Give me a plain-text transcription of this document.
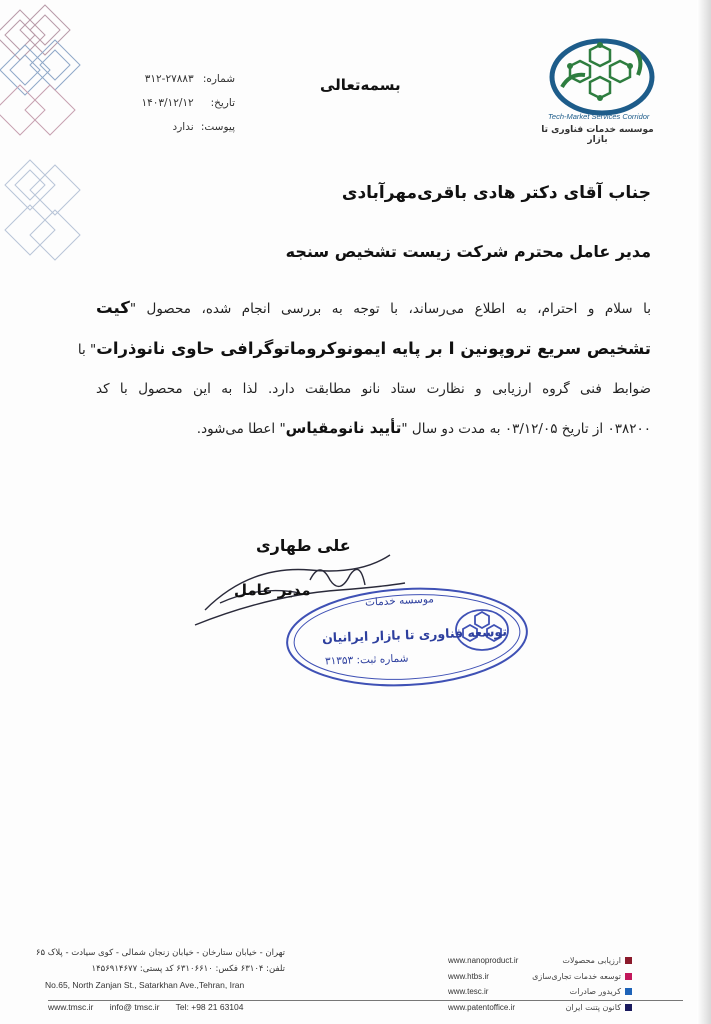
Tech-Market Services Corridor
موسسه خدمات فناوری تا بازار
بسمه‌تعالی
شماره: ۳۱۲-۲۷۸۸۳
تاریخ: ۱۴۰۳/۱۲/۱۲
پیوست: ندارد
جناب آقای دکتر هادی باقری‌مهرآبادی
مدیر عامل محترم شرکت زیست تشخیص سنجه
با سلام و احترام، به اطلاع می‌رساند، با توجه به بررسی انجام شده، محصول "کیت
تشخیص سریع تروپونین I بر پایه ایمونوکروماتوگرافی حاوی نانوذرات" با
ضوابط فنی گروه ارزیابی و نظارت ستاد نانو مطابقت دارد. لذا به این محصول با کد
۰۳۸۲۰۰ از تاریخ ۰۳/۱۲/۰۵ به مدت دو سال "تأیید نانومقیاس" اعطا می‌شود.
علی طهاری
مدیر عامل
موسسه خدمات
توسعه فناوری تا بازار ایرانیان
شماره ثبت: ۳۱۳۵۳
تهران - خیابان ستارخان - خیابان زنجان شمالی - کوی سیادت - پلاک ۶۵
تلفن: ۶۳۱۰۴ فکس: ۶۳۱۰۶۶۱۰ کد پستی: ۱۴۵۶۹۱۴۶۷۷
No.65, North Zanjan St., Satarkhan Ave.,Tehran, Iran
www.nanoproduct.ir
www.htbs.ir
www.tesc.ir
www.patentoffice.ir
ارزیابی محصولات
توسعه خدمات تجاری‌سازی
کریدور صادرات
کانون پتنت ایران
www.tmsc.ir info@ tmsc.ir Tel: +98 21 63104
